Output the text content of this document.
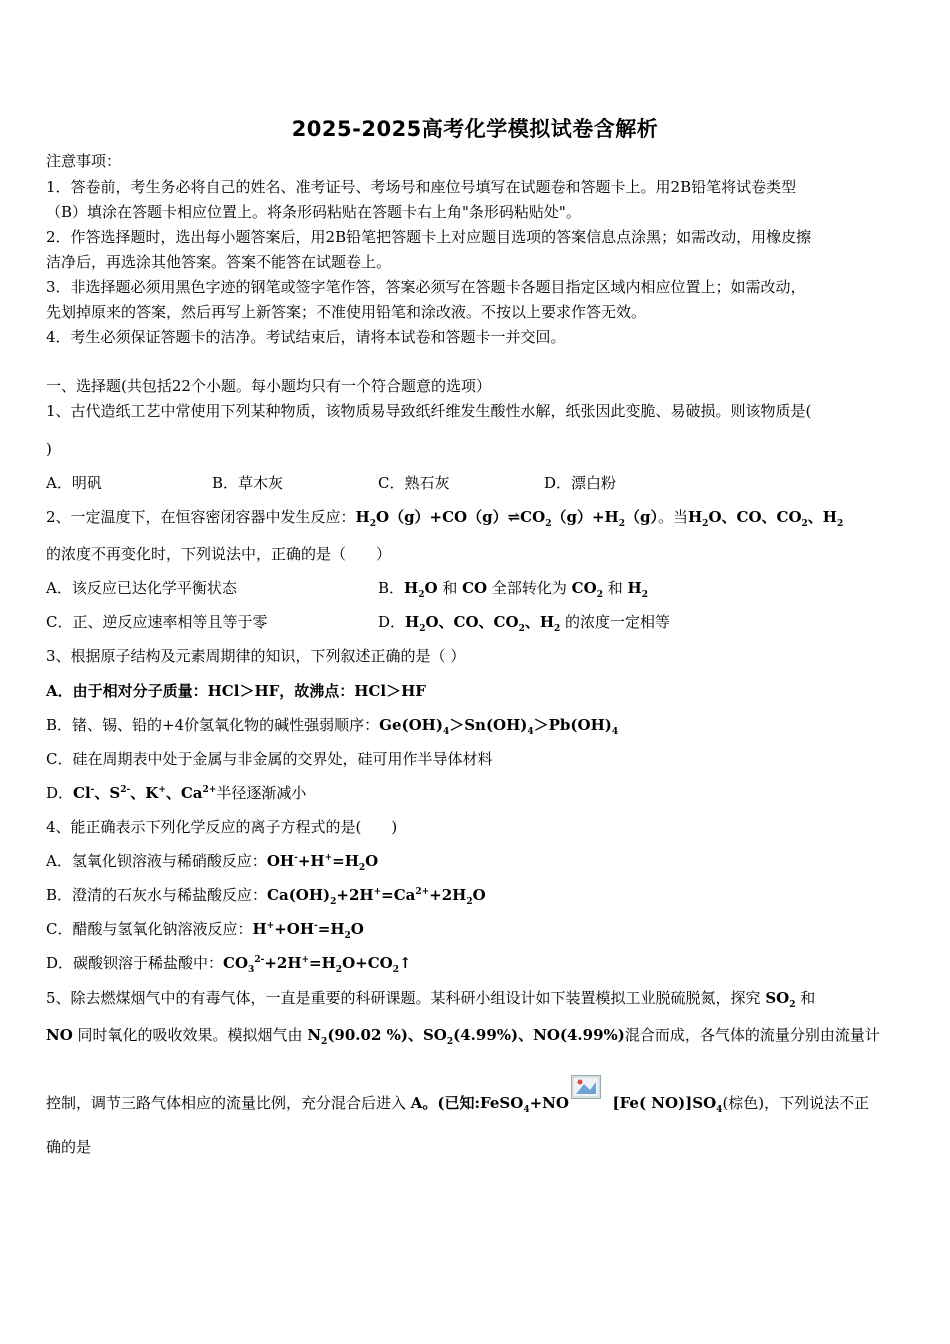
2025-2025高考化学模拟试卷含解析
注意事项：
1．答卷前，考生务必将自己的姓名、准考证号、考场号和座位号填写在试题卷和答题卡上。用2B铅笔将试卷类型
（B）填涂在答题卡相应位置上。将条形码粘贴在答题卡右上角"条形码粘贴处"。
2．作答选择题时，选出每小题答案后，用2B铅笔把答题卡上对应题目选项的答案信息点涂黑；如需改动，用橡皮擦
洁净后，再选涂其他答案。答案不能答在试题卷上。
3．非选择题必须用黑色字迹的钢笔或签字笔作答，答案必须写在答题卡各题目指定区域内相应位置上；如需改动，
先划掉原来的答案，然后再写上新答案；不准使用铅笔和涂改液。不按以上要求作答无效。
4．考生必须保证答题卡的洁净。考试结束后，请将本试卷和答题卡一并交回。
一、选择题(共包括22个小题。每小题均只有一个符合题意的选项）
1、古代造纸工艺中常使用下列某种物质，该物质易导致纸纤维发生酸性水解，纸张因此变脆、易破损。则该物质是(
)
A．明矾	B．草木灰	C．熟石灰	D．漂白粉
2、一定温度下，在恒容密闭容器中发生反应：$H_2O(g)+CO(g)\rightleftharpoons CO_2(g)+H_2(g)$。当$H_2O$、CO、$CO_2$、$H_2$
的浓度不再变化时，下列说法中，正确的是（　　）
A．该反应已达化学平衡状态	B．$H_2O$ 和 CO 全部转化为 $CO_2$ 和 $H_2$
C．正、逆反应速率相等且等于零	D．$H_2O$、CO、$CO_2$、$H_2$ 的浓度一定相等
3、根据原子结构及元素周期律的知识，下列叙述正确的是（ ）
A．由于相对分子质量：HCl＞HF，故沸点：HCl＞HF
B．锗、锡、铅的+4价氢氧化物的碱性强弱顺序：$Ge(OH)_4>Sn(OH)_4>Pb(OH)_4$
C．硅在周期表中处于金属与非金属的交界处，硅可用作半导体材料
D．Cl-、$S^{2-}$、K+、$Ca^{2+}$半径逐渐减小
4、能正确表示下列化学反应的离子方程式的是(　　)
A．氢氧化钡溶液与稀硝酸反应：$OH^-+H^+=H_2O$
B．澄清的石灰水与稀盐酸反应：$Ca(OH)_2+2H^+=Ca^{2+}+2H_2O$
C．醋酸与氢氧化钠溶液反应：$H^++OH^-=H_2O$
D．碳酸钡溶于稀盐酸中：$CO_3^{2-}+2H^+=H_2O+CO_2↑$
5、除去燃煤烟气中的有毒气体，一直是重要的科研课题。某科研小组设计如下装置模拟工业脱硫脱氮，探究 $SO_2$ 和
NO 同时氧化的吸收效果。模拟烟气由 $N_2(90.02$ %)、$SO_2(4.99\%)$、NO(4.99%)混合而成，各气体的流量分别由流量计
控制，调节三路气体相应的流量比例，充分混合后进入 A。(已知:FeSO$_4$+NO	[Fe( $NO)]SO_4$(棕色)，下列说法不正
确的是
